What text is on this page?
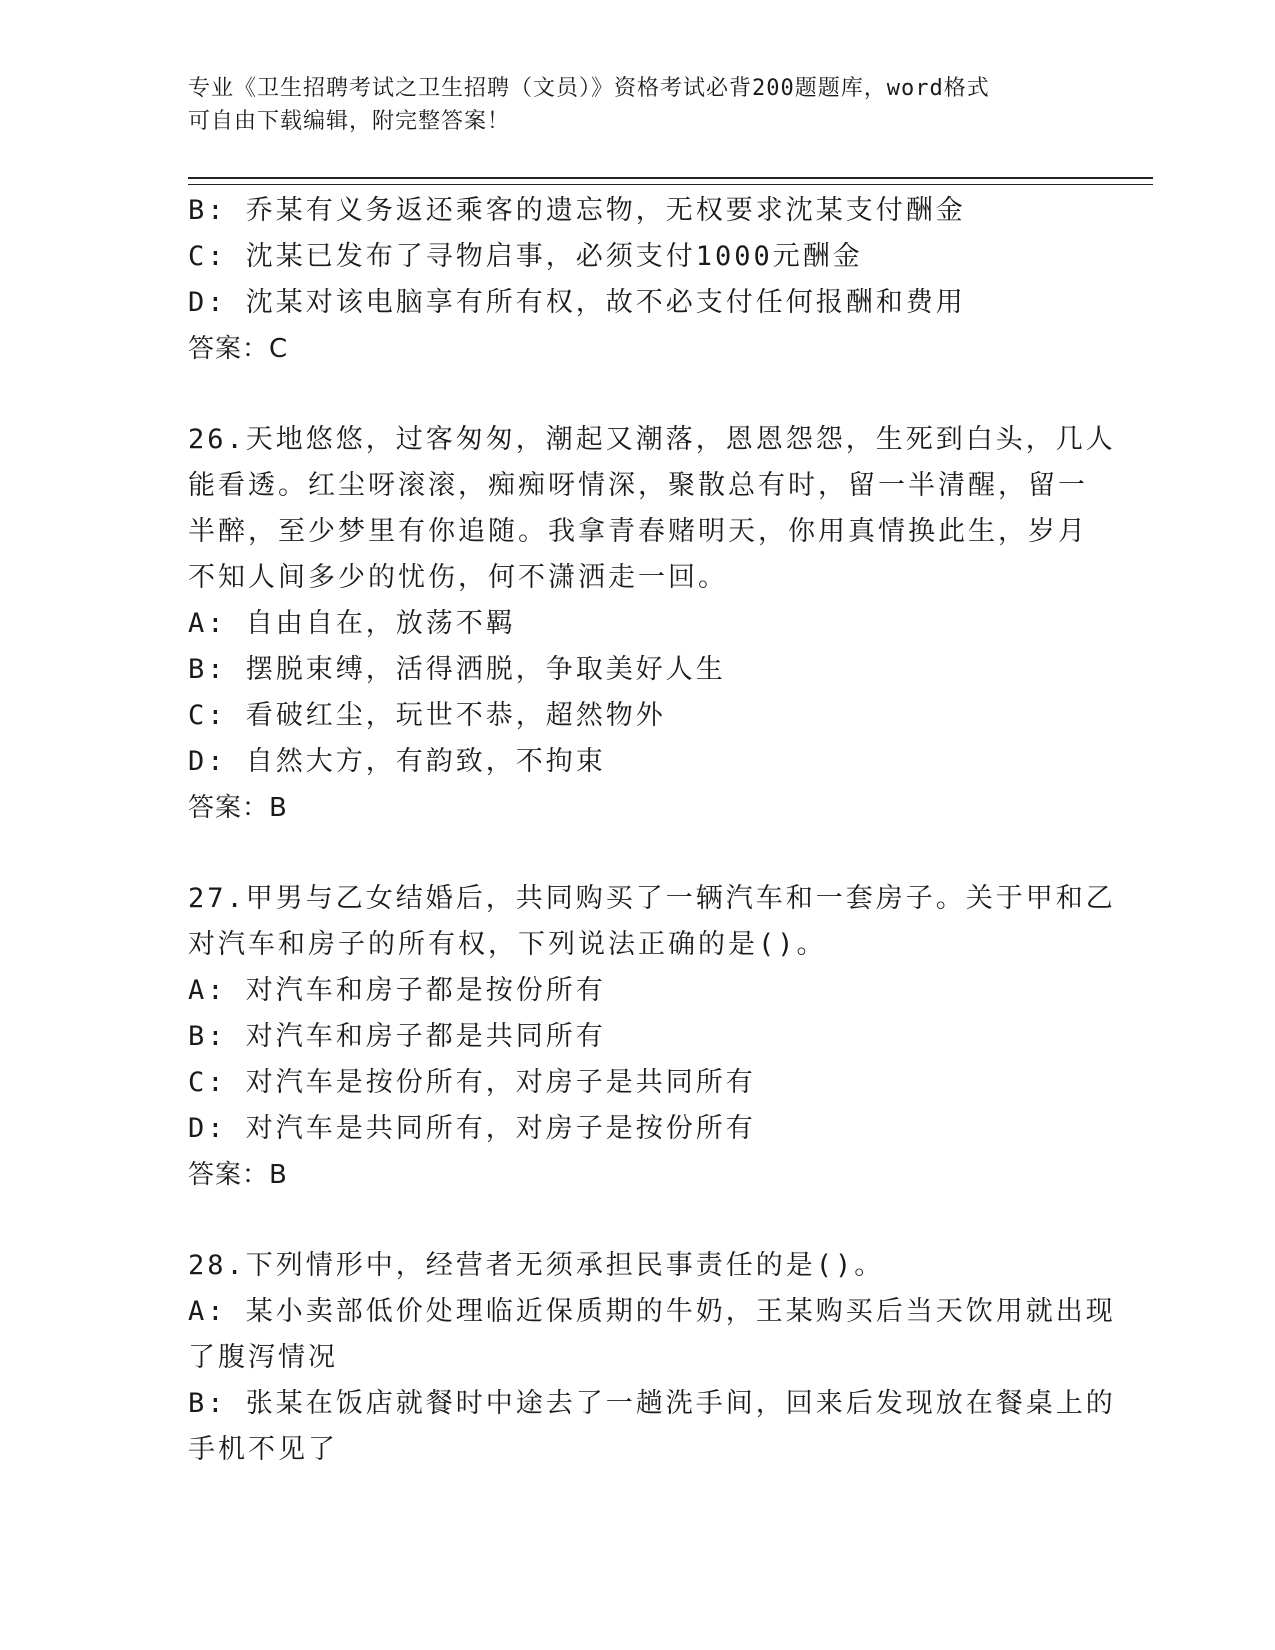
专业《卫生招聘考试之卫生招聘（文员）》资格考试必背200题题库，word格式
可自由下载编辑，附完整答案！
B: 乔某有义务返还乘客的遗忘物，无权要求沈某支付酬金
C: 沈某已发布了寻物启事，必须支付1000元酬金
D: 沈某对该电脑享有所有权，故不必支付任何报酬和费用
答案：C
26.天地悠悠，过客匆匆，潮起又潮落，恩恩怨怨，生死到白头，几人
能看透。红尘呀滚滚，痴痴呀情深，聚散总有时，留一半清醒，留一
半醉，至少梦里有你追随。我拿青春赌明天，你用真情换此生，岁月
不知人间多少的忧伤，何不潇洒走一回。
A: 自由自在，放荡不羁
B: 摆脱束缚，活得洒脱，争取美好人生
C: 看破红尘，玩世不恭，超然物外
D: 自然大方，有韵致，不拘束
答案：B
27.甲男与乙女结婚后，共同购买了一辆汽车和一套房子。关于甲和乙
对汽车和房子的所有权，下列说法正确的是()。
A: 对汽车和房子都是按份所有
B: 对汽车和房子都是共同所有
C: 对汽车是按份所有，对房子是共同所有
D: 对汽车是共同所有，对房子是按份所有
答案：B
28.下列情形中，经营者无须承担民事责任的是()。
A: 某小卖部低价处理临近保质期的牛奶，王某购买后当天饮用就出现
了腹泻情况
B: 张某在饭店就餐时中途去了一趟洗手间，回来后发现放在餐桌上的
手机不见了
